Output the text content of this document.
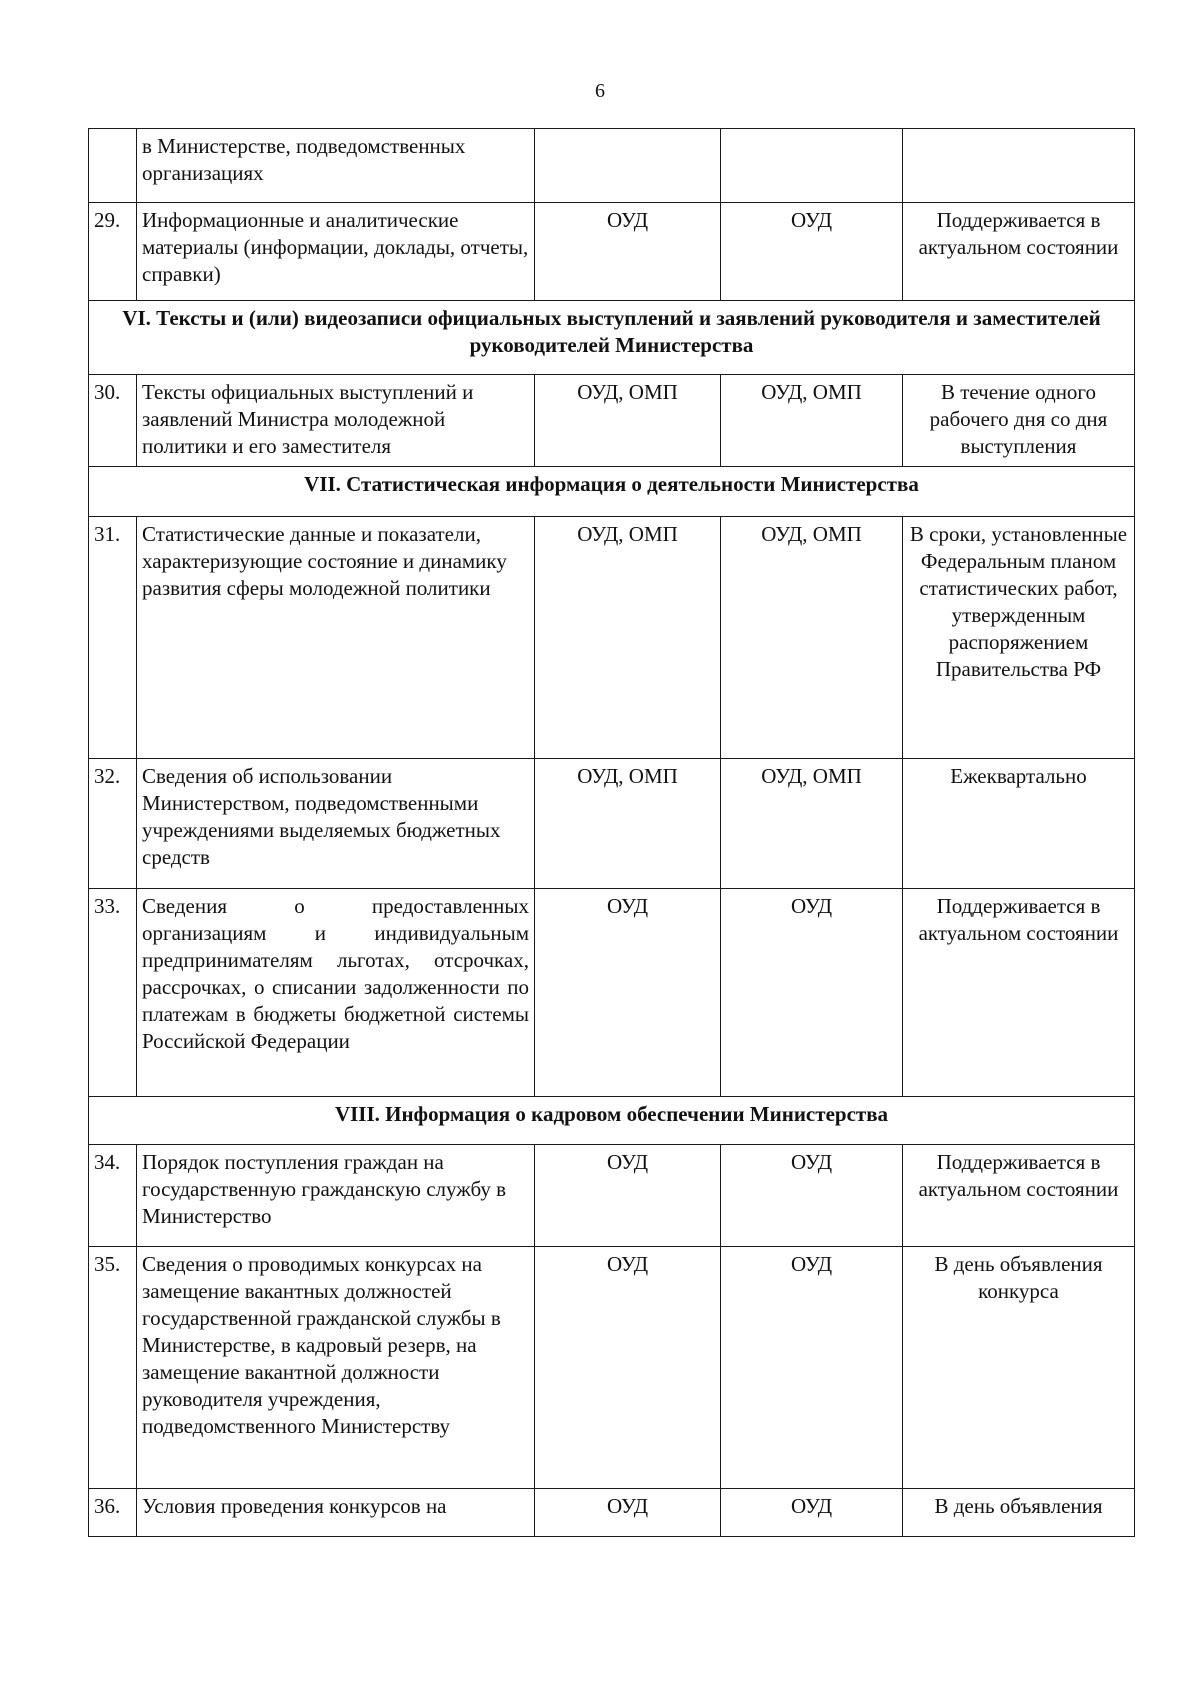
6
	в Министерстве, подведомственных организациях			
29.	Информационные и аналитические материалы (информации, доклады, отчеты, справки)	ОУД	ОУД	Поддерживается в актуальном состоянии
VI. Тексты и (или) видеозаписи официальных выступлений и заявлений руководителя и заместителей руководителей Министерства				
30.	Тексты официальных выступлений и заявлений Министра молодежной политики и его заместителя	ОУД, ОМП	ОУД, ОМП	В течение одного рабочего дня со дня выступления
VII. Статистическая информация о деятельности Министерства				
31.	Статистические данные и показатели, характеризующие состояние и динамику развития сферы молодежной политики	ОУД, ОМП	ОУД, ОМП	В сроки, установленные Федеральным планом статистических работ, утвержденным распоряжением Правительства РФ
32.	Сведения об использовании Министерством, подведомственными учреждениями выделяемых бюджетных средств	ОУД, ОМП	ОУД, ОМП	Ежеквартально
33.	Сведения о предоставленных организациям и индивидуальным предпринимателям льготах, отсрочках, рассрочках, о списании задолженности по платежам в бюджеты бюджетной системы Российской Федерации	ОУД	ОУД	Поддерживается в актуальном состоянии
VIII. Информация о кадровом обеспечении Министерства				
34.	Порядок поступления граждан на государственную гражданскую службу в Министерство	ОУД	ОУД	Поддерживается в актуальном состоянии
35.	Сведения о проводимых конкурсах на замещение вакантных должностей государственной гражданской службы в Министерстве, в кадровый резерв, на замещение вакантной должности руководителя учреждения, подведомственного Министерству	ОУД	ОУД	В день объявления конкурса
36.	Условия проведения конкурсов на	ОУД	ОУД	В день объявления
